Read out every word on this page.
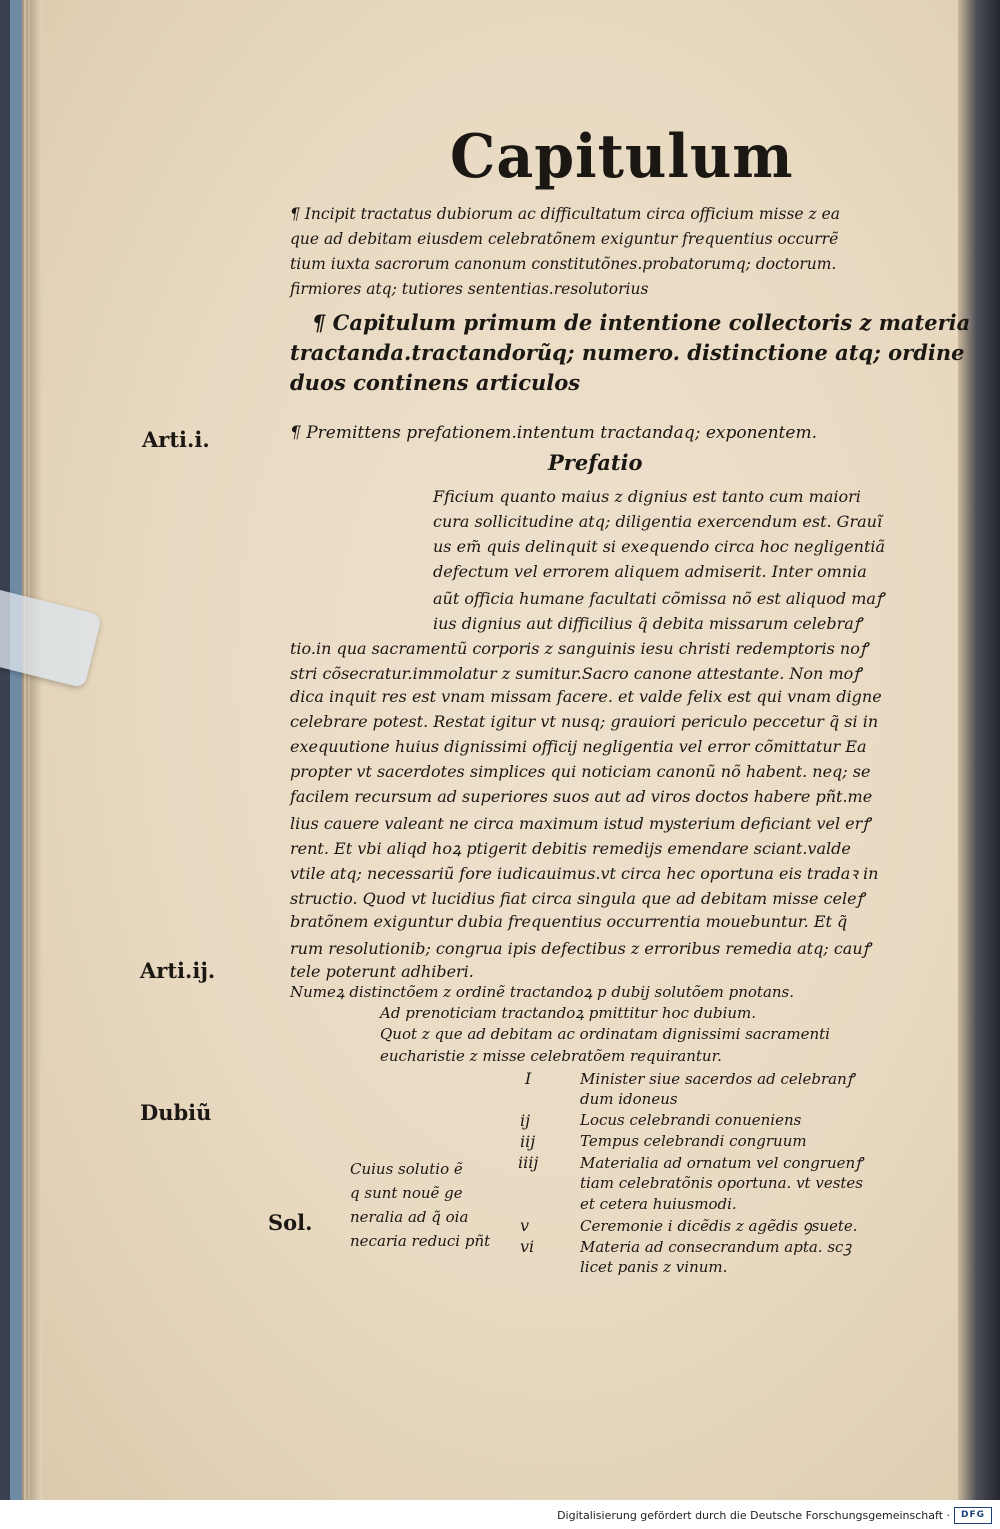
Capitulum
¶ Incipit tractatus dubiorum ac difficultatum circa officium misse z ea
que ad debitam eiusdem celebratõnem exiguntur frequentius occurrẽ
tium iuxta sacrorum canonum constitutõnes.probatorumq; doctorum.
firmiores atq; tutiores sententias.resolutorius
¶ Capitulum primum de intentione collectoris z materia
tractanda.tractandorũq; numero. distinctione atq; ordine
duos continens articulos
Arti.i.
Arti.ij.
Dubiũ
Sol.
¶ Premittens prefationem.intentum tractandaq; exponentem.
Prefatio
Fficium quanto maius z dignius est tanto cum maiori
cura sollicitudine atq; diligentia exercendum est. Grauĩ
us em̃ quis delinquit si exequendo circa hoc negligentiã
defectum vel errorem aliquem admiserit. Inter omnia
aũt officia humane facultati cõmissa nõ est aliquod maꝭ
ius dignius aut difficilius q̃ debita missarum celebraꝭ
tio.in qua sacramentũ corporis z sanguinis iesu christi redemptoris noꝭ
stri cõsecratur.immolatur z sumitur.Sacro canone attestante. Non moꝭ
dica inquit res est vnam missam facere. et valde felix est qui vnam digne
celebrare potest. Restat igitur vt nusq; grauiori periculo peccetur q̃ si in
exequutione huius dignissimi officij negligentia vel error cõmittatur Ea
propter vt sacerdotes simplices qui noticiam canonũ nõ habent. neq; se
facilem recursum ad superiores suos aut ad viros doctos habere pñt.me
lius cauere valeant ne circa maximum istud mysterium deficiant vel erꝭ
rent. Et vbi aliqd hoꝝ ptigerit debitis remedijs emendare sciant.valde
vtile atq; necessariũ fore iudicauimus.vt circa hec oportuna eis tradaꝛ in
structio. Quod vt lucidius fiat circa singula que ad debitam misse celeꝭ
bratõnem exiguntur dubia frequentius occurrentia mouebuntur. Et q̃
rum resolutionib; congrua ipis defectibus z erroribus remedia atq; cauꝭ
tele poterunt adhiberi.
Numeꝝ distinctõem z ordinẽ tractandoꝝ p dubij solutõem pnotans.
Ad prenoticiam tractandoꝝ pmittitur hoc dubium.
Quot z que ad debitam ac ordinatam dignissimi sacramenti
eucharistie z misse celebratõem requirantur.
I	Minister siue sacerdos ad celebranꝭ
dum idoneus
ij	Locus celebrandi conueniens
iij	Tempus celebrandi congruum
iiij	Materialia ad ornatum vel congruenꝭ
tiam celebratõnis oportuna. vt vestes
et cetera huiusmodi.
v	Ceremonie i dicẽdis z agẽdis ꝯsuete.
vi	Materia ad consecrandum apta. scꝫ
licet panis z vinum.
Cuius solutio ẽ
q sunt nouẽ ge
neralia ad q̃ oia
necaria reduci pñt
Digitalisierung gefördert durch die Deutsche Forschungsgemeinschaft ·	DFG
